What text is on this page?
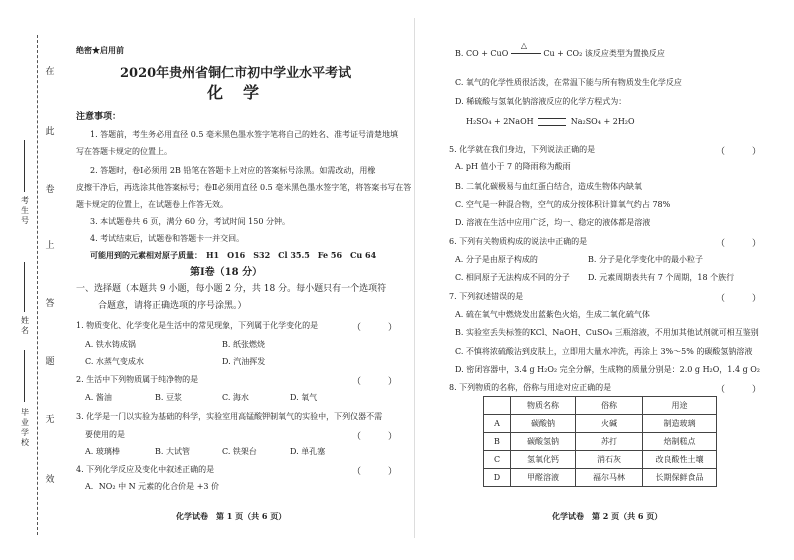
在
此
卷
上
答
题
无
效
考生号
姓名
毕业学校
绝密★启用前
2020年贵州省铜仁市初中学业水平考试
化　学
注意事项：
1. 答题前，考生务必用直径 0.5 毫米黑色墨水签字笔将自己的姓名、准考证号清楚地填
写在答题卡规定的位置上。
2. 答题时，卷Ⅰ必须用 2B 铅笔在答题卡上对应的答案标号涂黑。如需改动，用橡
皮擦干净后，再选涂其他答案标号；卷Ⅱ必须用直径 0.5 毫米黑色墨水签字笔，将答案书写在答
题卡规定的位置上，在试题卷上作答无效。
3. 本试题卷共 6 页，满分 60 分，考试时间 150 分钟。
4. 考试结束后，试题卷和答题卡一并交回。
可能用到的元素相对原子质量：　H1　O16　S32　Cl 35.5　Fe 56　Cu 64
第Ⅰ卷（18 分）
一、选择题（本题共 9 小题，每小题 2 分，共 18 分。每小题只有一个选项符
合题意，请将正确选项的序号涂黑。）
1. 物质变化、化学变化是生活中的常见现象，下列属于化学变化的是	（　　　）
A. 铁水铸成锅	B. 纸张燃烧
C. 水蒸气变成水	D. 汽油挥发
2. 生活中下列物质属于纯净物的是	（　　　）
A. 酱油	B. 豆浆	C. 海水	D. 氧气
3. 化学是一门以实验为基础的科学，实验室用高锰酸钾制氧气的实验中，下列仪器不需
要使用的是	（　　　）
A. 玻璃棒	B. 大试管	C. 铁架台	D. 单孔塞
4. 下列化学反应及变化中叙述正确的是	（　　　）
A．NO₂ 中 N 元素的化合价是 +3 价
化学试卷　第 1 页（共 6 页）
B. CO + CuO
△
Cu + CO₂ 该反应类型为置换反应
C. 氧气的化学性质很活泼，在常温下能与所有物质发生化学反应
D. 稀硫酸与氢氧化钠溶液反应的化学方程式为：
H₂SO₄ + 2NaOH	Na₂SO₄ + 2H₂O
5. 化学就在我们身边，下列说法正确的是	（　　　）
A. pH 值小于 7 的降雨称为酸雨
B. 二氧化碳极易与血红蛋白结合，造成生物体内缺氧
C. 空气是一种混合物，空气的成分按体积计算氧气约占 78%
D. 溶液在生活中应用广泛，均一、稳定的液体都是溶液
6. 下列有关物质构成的说法中正确的是	（　　　）
A. 分子是由原子构成的	B. 分子是化学变化中的最小粒子
C. 相同原子无法构成不同的分子 D. 元素周期表共有 7 个周期，18 个族行
7. 下列叙述错误的是	（　　　）
A. 硫在氧气中燃烧发出蓝紫色火焰，生成二氧化硫气体
B. 实验室丢失标签的KCl、NaOH、CuSO₄ 三瓶溶液，不用加其他试剂就可相互鉴别
C. 不慎将浓硫酸沾到皮肤上，立即用大量水冲洗，再涂上 3%～5% 的碳酸氢钠溶液
D. 密闭容器中，3.4 g H₂O₂ 完全分解，生成物的质量分别是：2.0 g H₂O，1.4 g O₂
8. 下列物质的名称，俗称与用途对应正确的是	（　　　）
	物质名称	俗称	用途
A	碳酸钠	火碱	制造玻璃
B	碳酸氢钠	苏打	焙制糕点
C	氢氧化钙	消石灰	改良酸性土壤
D	甲醛溶液	福尔马林	长期保鲜食品
化学试卷　第 2 页（共 6 页）
